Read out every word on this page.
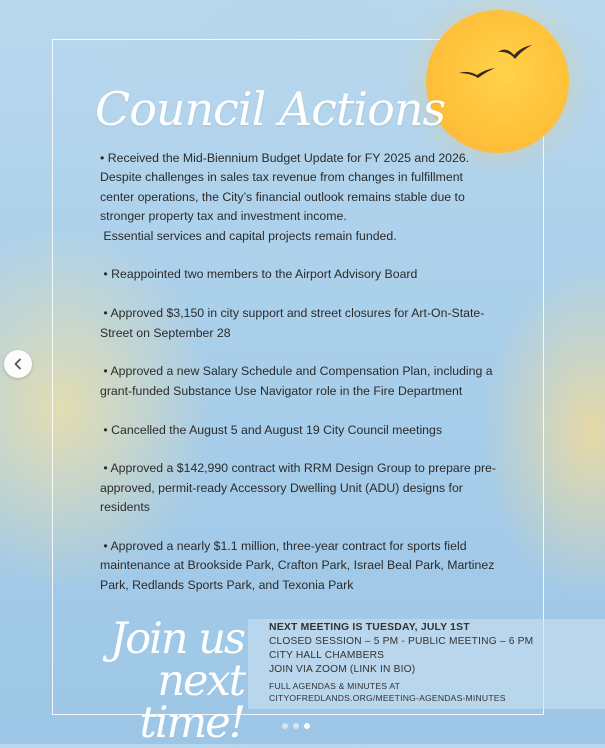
Council Actions
• Received the Mid-Biennium Budget Update for FY 2025 and 2026. Despite challenges in sales tax revenue from changes in fulfillment center operations, the City’s financial outlook remains stable due to stronger property tax and investment income.
Essential services and capital projects remain funded.
• Reappointed two members to the Airport Advisory Board
• Approved $3,150 in city support and street closures for Art-On-State-Street on September 28
• Approved a new Salary Schedule and Compensation Plan, including a grant-funded Substance Use Navigator role in the Fire Department
• Cancelled the August 5 and August 19 City Council meetings
• Approved a $142,990 contract with RRM Design Group to prepare pre-approved, permit-ready Accessory Dwelling Unit (ADU) designs for residents
• Approved a nearly $1.1 million, three-year contract for sports field maintenance at Brookside Park, Crafton Park, Israel Beal Park, Martinez Park, Redlands Sports Park, and Texonia Park
Join us
next time!
NEXT MEETING IS TUESDAY, JULY 1ST
CLOSED SESSION – 5 PM - PUBLIC MEETING – 6 PM
CITY HALL CHAMBERS
JOIN VIA ZOOM (LINK IN BIO)
FULL AGENDAS & MINUTES AT
CITYOFREDLANDS.ORG/MEETING-AGENDAS-MINUTES
